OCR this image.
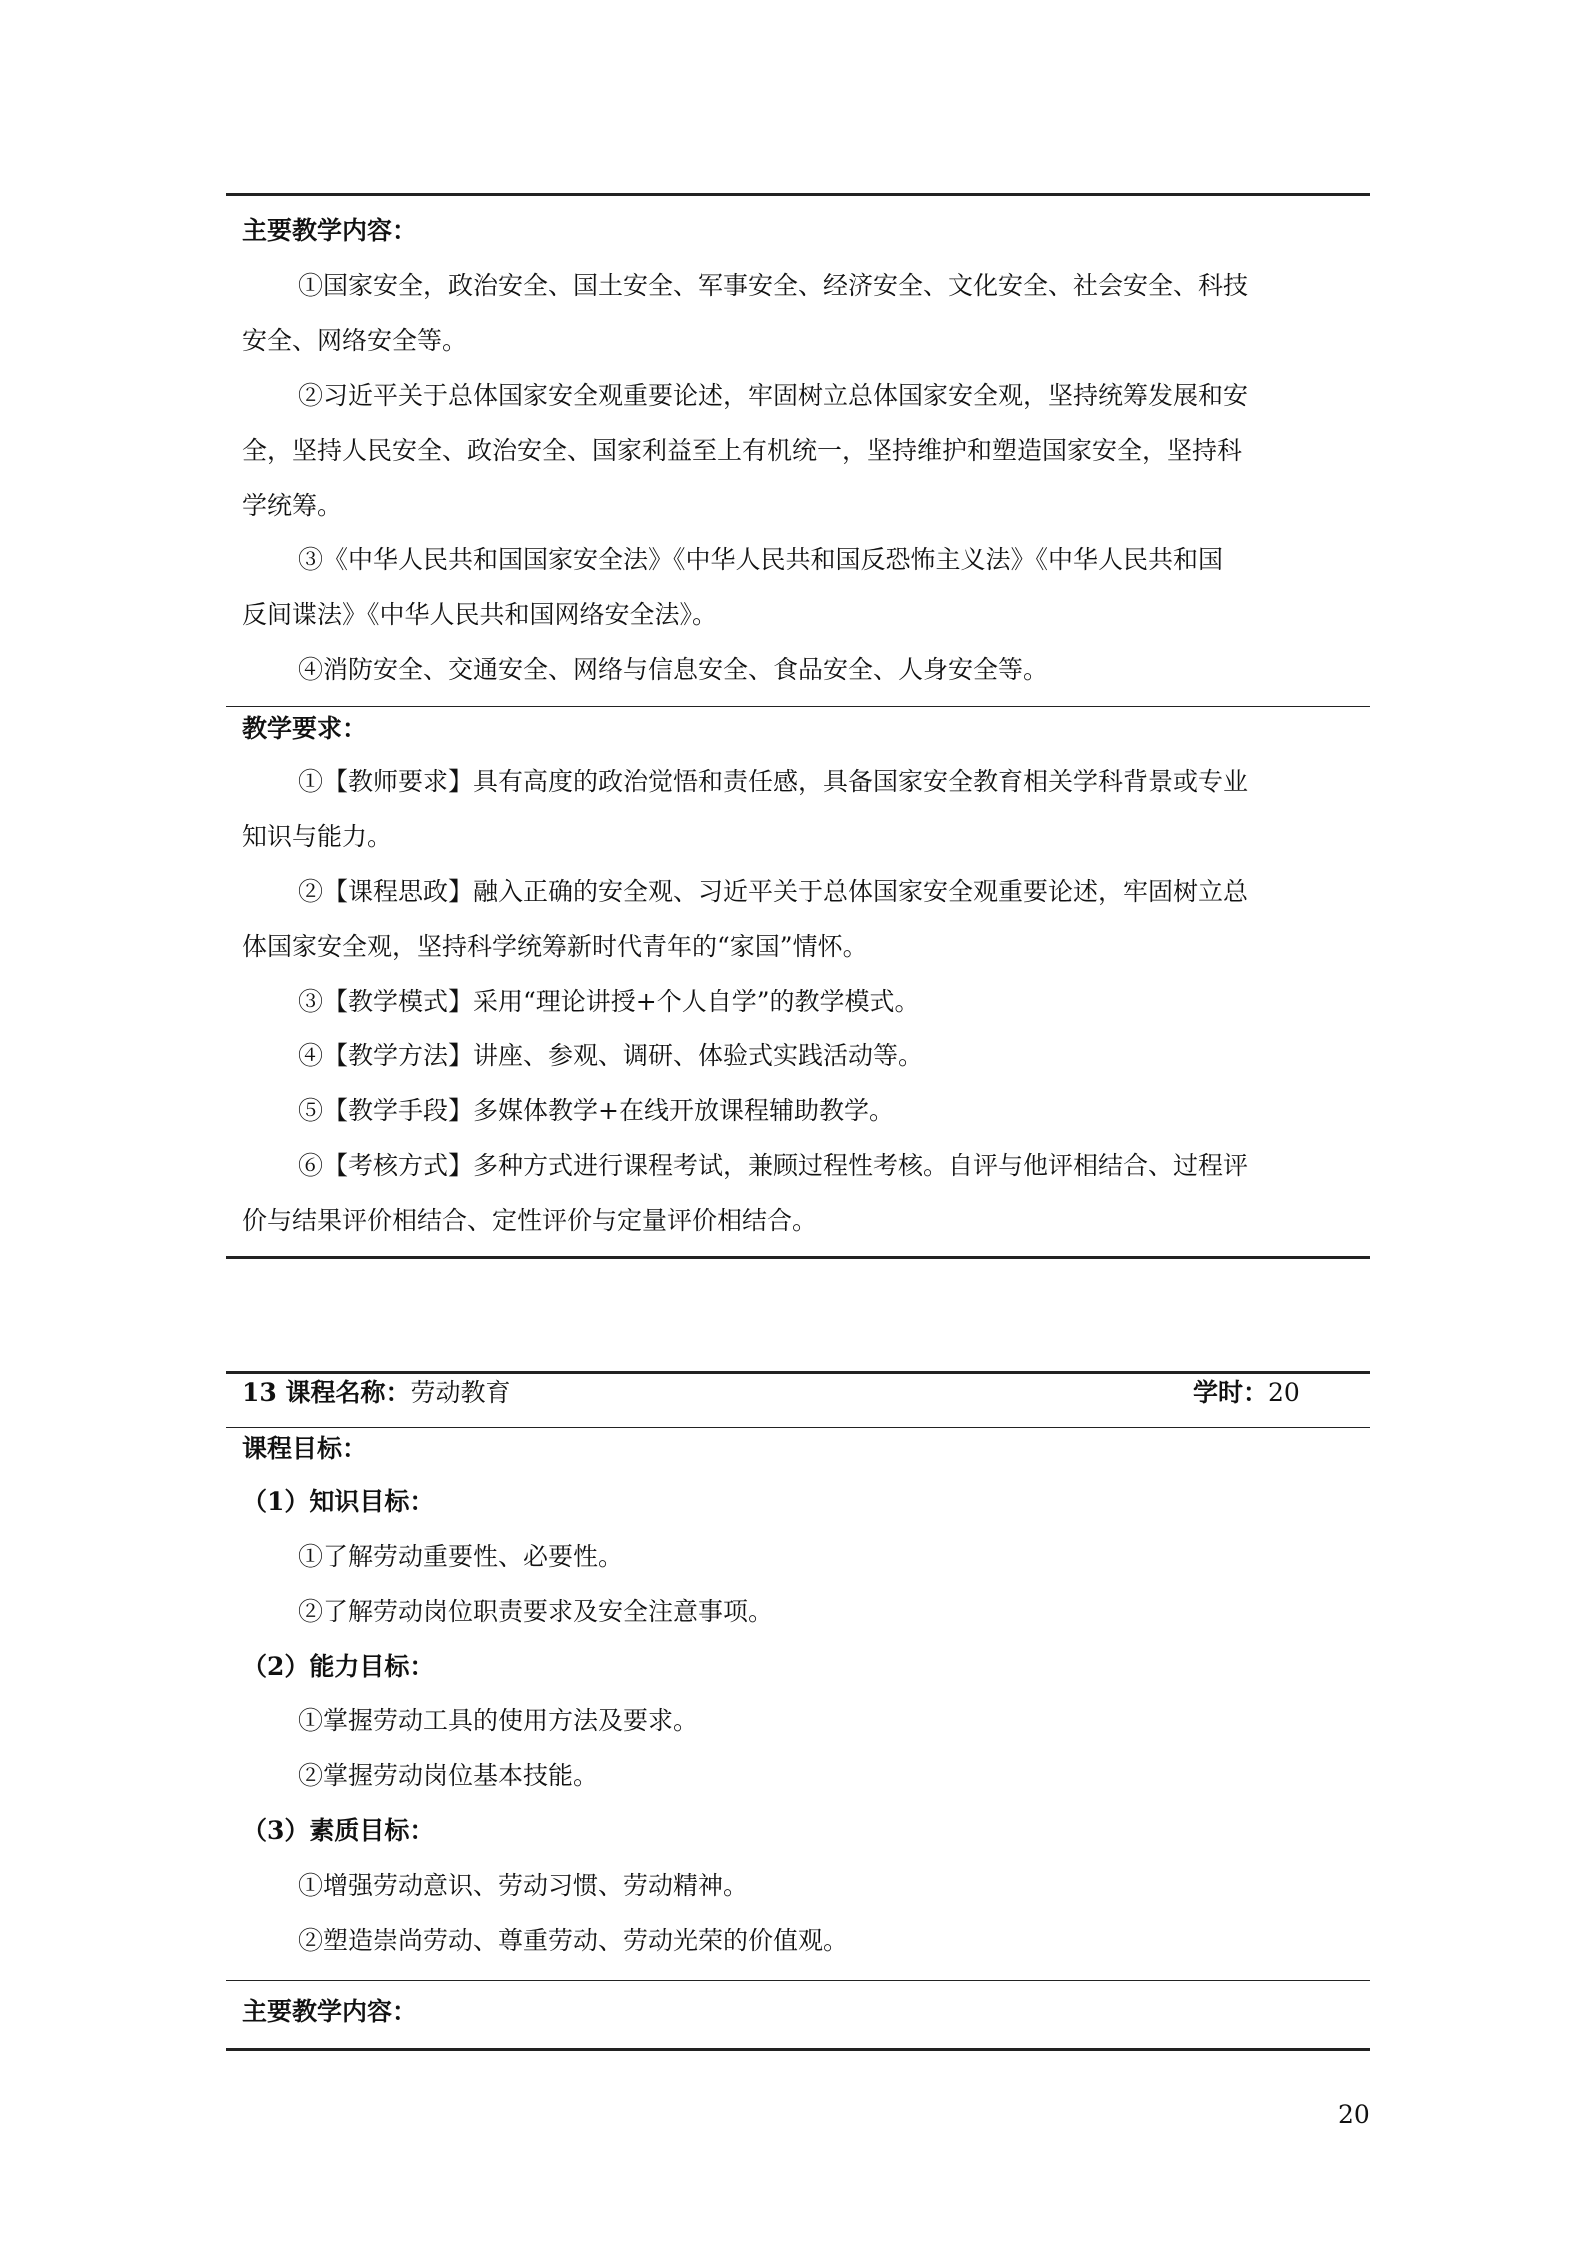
主要教学内容：
①国家安全，政治安全、国土安全、军事安全、经济安全、文化安全、社会安全、科技
安全、网络安全等。
②习近平关于总体国家安全观重要论述，牢固树立总体国家安全观，坚持统筹发展和安
全，坚持人民安全、政治安全、国家利益至上有机统一，坚持维护和塑造国家安全，坚持科
学统筹。
③《中华人民共和国国家安全法》《中华人民共和国反恐怖主义法》《中华人民共和国
反间谍法》《中华人民共和国网络安全法》。
④消防安全、交通安全、网络与信息安全、食品安全、人身安全等。
教学要求：
①【教师要求】具有高度的政治觉悟和责任感，具备国家安全教育相关学科背景或专业
知识与能力。
②【课程思政】融入正确的安全观、习近平关于总体国家安全观重要论述，牢固树立总
体国家安全观，坚持科学统筹新时代青年的“家国”情怀。
③【教学模式】采用“理论讲授+个人自学”的教学模式。
④【教学方法】讲座、参观、调研、体验式实践活动等。
⑤【教学手段】多媒体教学+在线开放课程辅助教学。
⑥【考核方式】多种方式进行课程考试，兼顾过程性考核。自评与他评相结合、过程评
价与结果评价相结合、定性评价与定量评价相结合。
13 课程名称：劳动教育	学时：20
课程目标：
（1）知识目标：
①了解劳动重要性、必要性。
②了解劳动岗位职责要求及安全注意事项。
（2）能力目标：
①掌握劳动工具的使用方法及要求。
②掌握劳动岗位基本技能。
（3）素质目标：
①增强劳动意识、劳动习惯、劳动精神。
②塑造崇尚劳动、尊重劳动、劳动光荣的价值观。
主要教学内容：
20
